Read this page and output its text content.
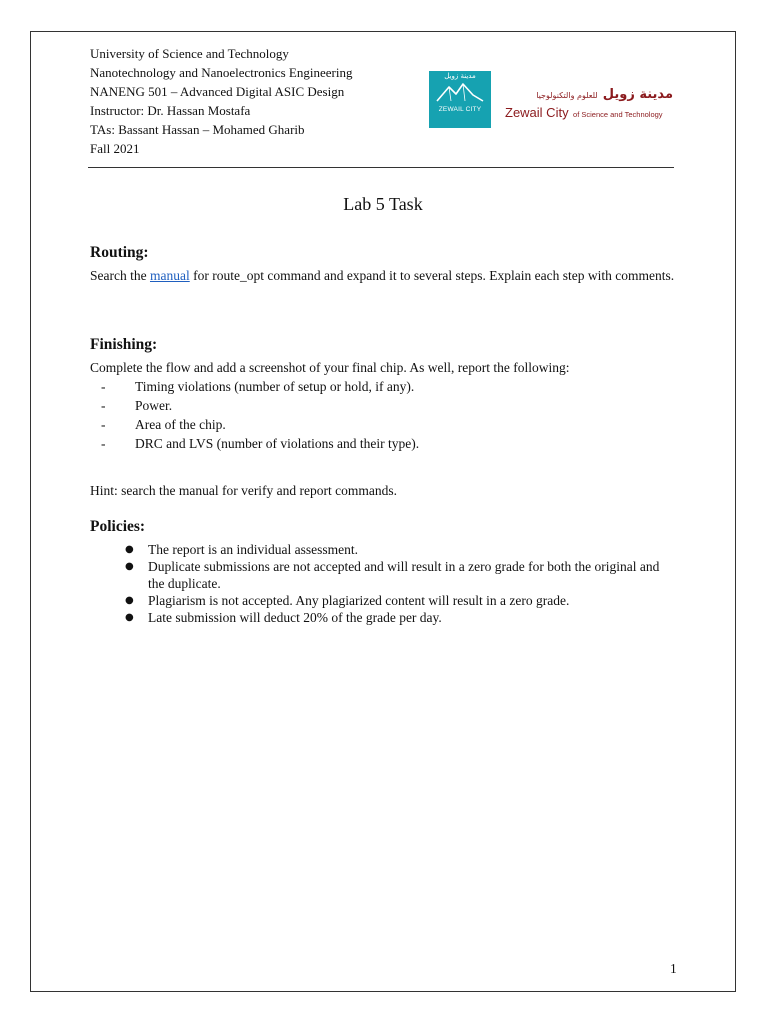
University of Science and Technology
Nanotechnology and Nanoelectronics Engineering
NANENG 501 – Advanced Digital ASIC Design
Instructor: Dr. Hassan Mostafa
TAs: Bassant Hassan – Mohamed Gharib
Fall 2021
مدينة زويل
ZEWAIL CITY
ESTABLISHED 2000
INAUGURATED 2011
مدينة زويل للعلوم والتكنولوجيا
Zewail City of Science and Technology
Lab 5 Task
Routing:
Search the manual for route_opt command and expand it to several steps. Explain each step with comments.
Finishing:
Complete the flow and add a screenshot of your final chip. As well, report the following:
- Timing violations (number of setup or hold, if any).
- Power.
- Area of the chip.
- DRC and LVS (number of violations and their type).
Hint: search the manual for verify and report commands.
Policies:
● The report is an individual assessment.
● Duplicate submissions are not accepted and will result in a zero grade for both the original and the duplicate.
● Plagiarism is not accepted. Any plagiarized content will result in a zero grade.
● Late submission will deduct 20% of the grade per day.
1
